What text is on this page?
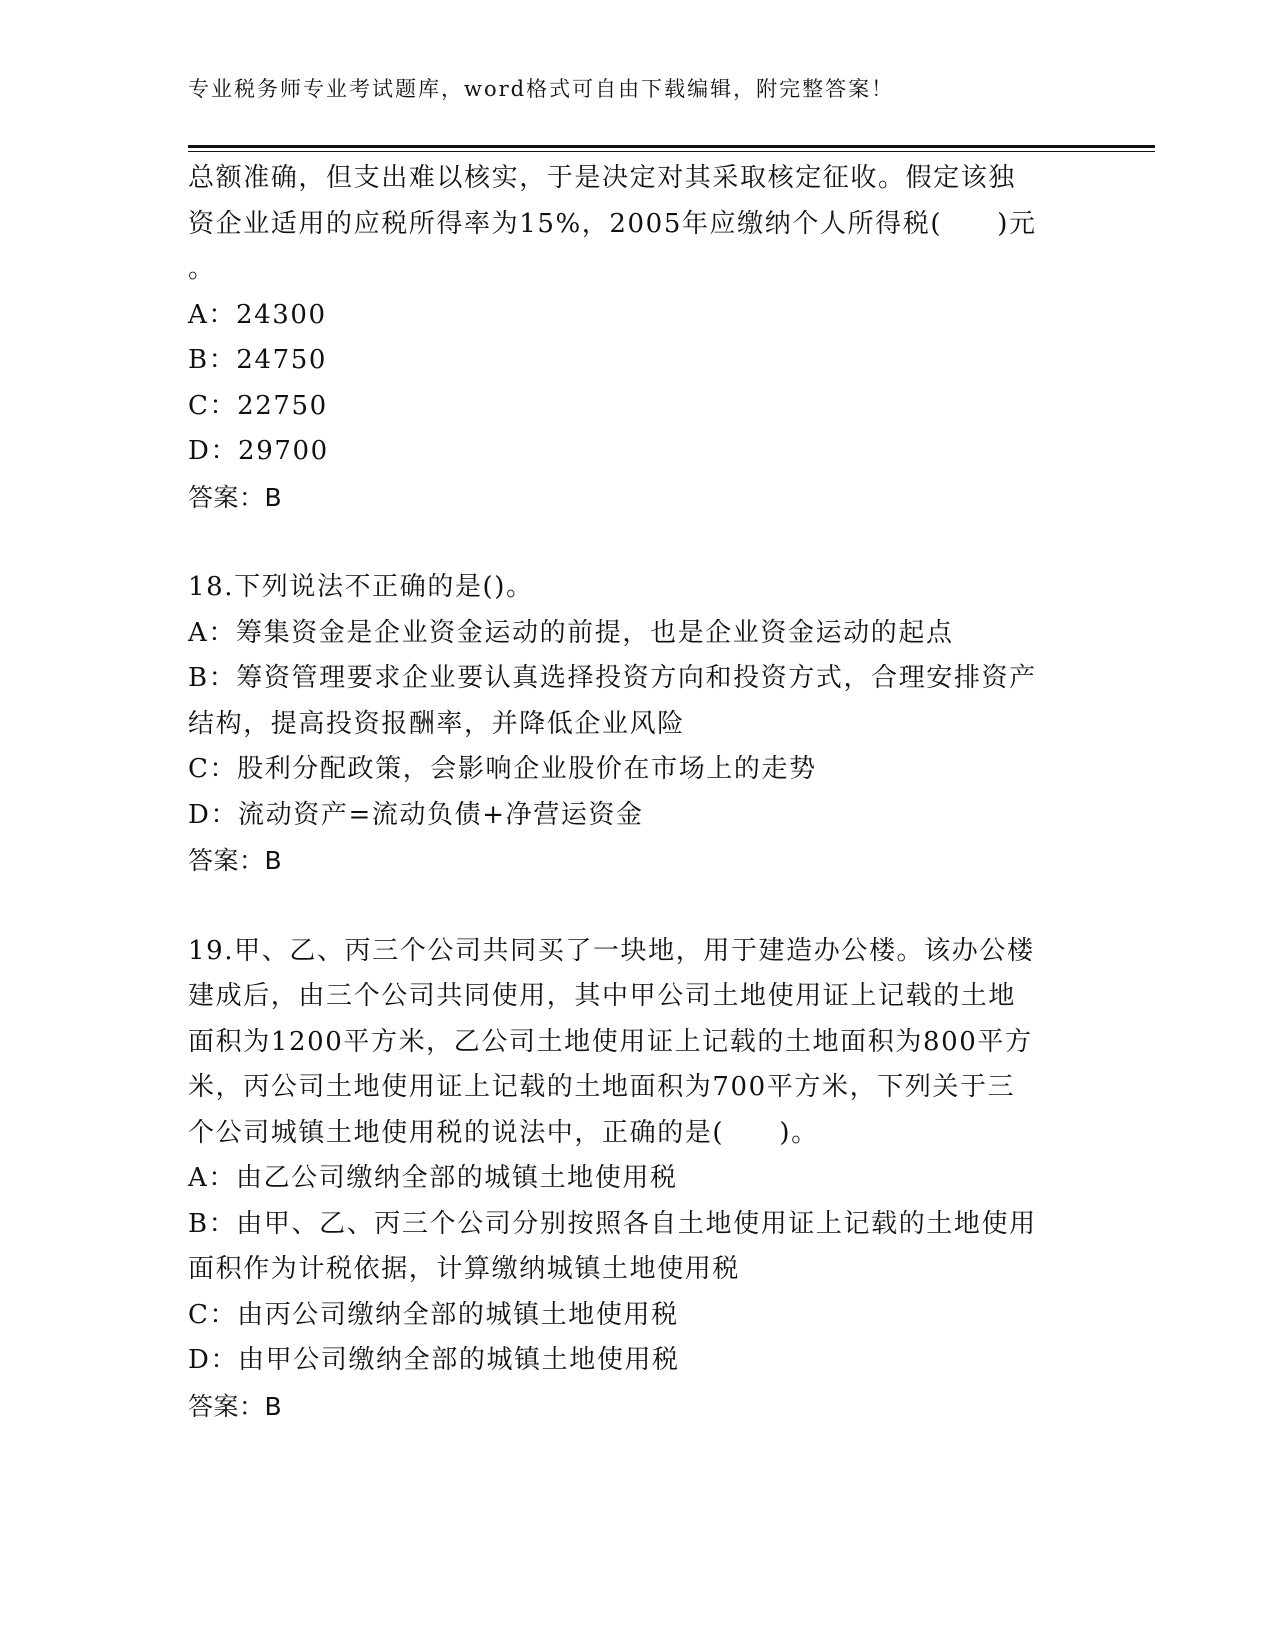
专业税务师专业考试题库，word格式可自由下载编辑，附完整答案！
总额准确，但支出难以核实，于是决定对其采取核定征收。假定该独
资企业适用的应税所得率为15%，2005年应缴纳个人所得税(　　)元
。
A：24300
B：24750
C：22750
D：29700
答案：B
18.下列说法不正确的是()。
A：筹集资金是企业资金运动的前提，也是企业资金运动的起点
B：筹资管理要求企业要认真选择投资方向和投资方式，合理安排资产
结构，提高投资报酬率，并降低企业风险
C：股利分配政策，会影响企业股价在市场上的走势
D：流动资产=流动负债+净营运资金
答案：B
19.甲、乙、丙三个公司共同买了一块地，用于建造办公楼。该办公楼
建成后，由三个公司共同使用，其中甲公司土地使用证上记载的土地
面积为1200平方米，乙公司土地使用证上记载的土地面积为800平方
米，丙公司土地使用证上记载的土地面积为700平方米，下列关于三
个公司城镇土地使用税的说法中，正确的是(　　)。
A：由乙公司缴纳全部的城镇土地使用税
B：由甲、乙、丙三个公司分别按照各自土地使用证上记载的土地使用
面积作为计税依据，计算缴纳城镇土地使用税
C：由丙公司缴纳全部的城镇土地使用税
D：由甲公司缴纳全部的城镇土地使用税
答案：B
